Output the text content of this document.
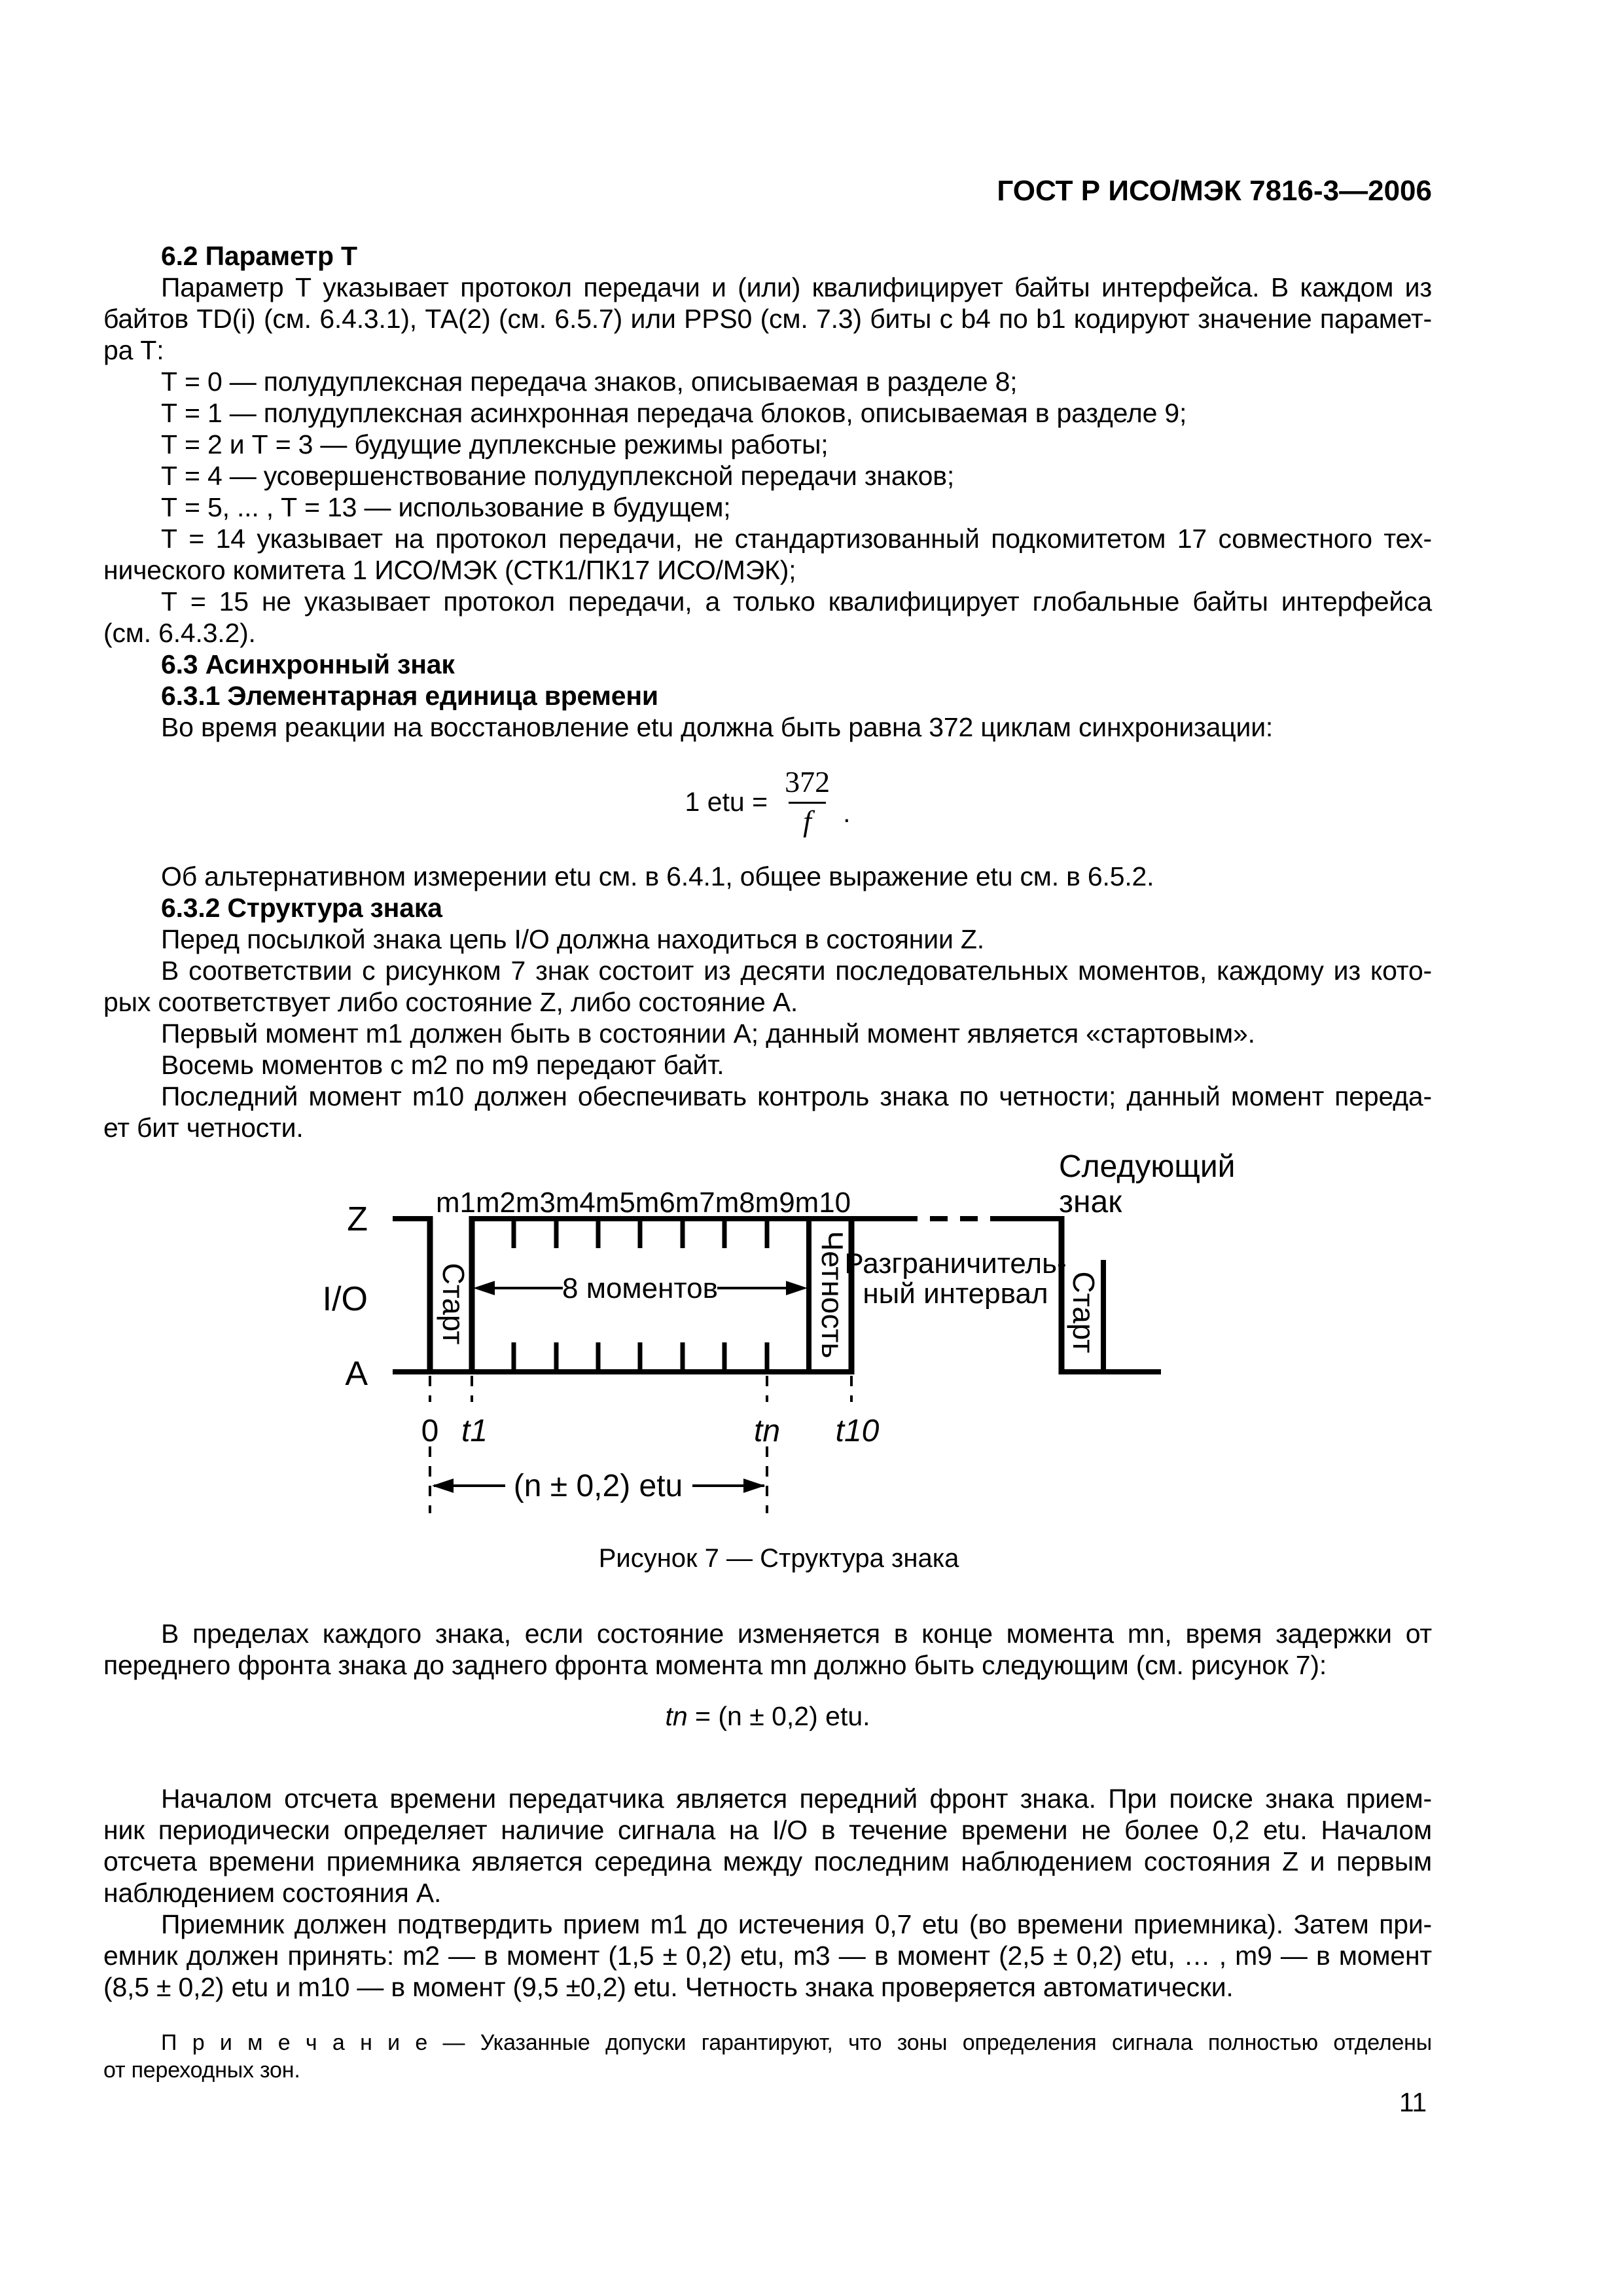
ГОСТ Р ИСО/МЭК 7816-3—2006
6.2 Параметр Т
Параметр Т указывает протокол передачи и (или) квалифицирует байты интерфейса. В каждом из
байтов TD(i) (см. 6.4.3.1), ТА(2) (см. 6.5.7) или PPS0 (см. 7.3) биты с b4 по b1 кодируют значение парамет-
ра Т:
Т = 0 — полудуплексная передача знаков, описываемая в разделе 8;
Т = 1 — полудуплексная асинхронная передача блоков, описываемая в разделе 9;
Т = 2 и Т = 3 — будущие дуплексные режимы работы;
Т = 4 — усовершенствование полудуплексной передачи знаков;
Т = 5, ... , Т = 13 — использование в будущем;
Т = 14 указывает на протокол передачи, не стандартизованный подкомитетом 17 совместного тех-
нического комитета 1 ИСО/МЭК (СТК1/ПК17 ИСО/МЭК);
Т = 15 не указывает протокол передачи, а только квалифицирует глобальные байты интерфейса
(см. 6.4.3.2).
6.3 Асинхронный знак
6.3.1 Элементарная единица времени
Во время реакции на восстановление etu должна быть равна 372 циклам синхронизации:
Об альтернативном измерении etu см. в 6.4.1, общее выражение etu см. в 6.5.2.
6.3.2 Структура знака
Перед посылкой знака цепь I/O должна находиться в состоянии Z.
В соответствии с рисунком 7 знак состоит из десяти последовательных моментов, каждому из кото-
рых соответствует либо состояние Z, либо состояние А.
Первый момент m1 должен быть в состоянии А; данный момент является «стартовым».
Восемь моментов с m2 по m9 передают байт.
Последний момент m10 должен обеспечивать контроль знака по четности; данный момент переда-
ет бит четности.
В пределах каждого знака, если состояние изменяется в конце момента mn, время задержки от
переднего фронта знака до заднего фронта момента mn должно быть следующим (см. рисунок 7):
Началом отсчета времени передатчика является передний фронт знака. При поиске знака прием-
ник периодически определяет наличие сигнала на I/O в течение времени не более 0,2 etu. Началом
отсчета времени приемника является середина между последним наблюдением состояния Z и первым
наблюдением состояния А.
Приемник должен подтвердить прием m1 до истечения 0,7 etu (во времени приемника). Затем при-
емник должен принять: m2 — в момент (1,5 ± 0,2) etu, m3 — в момент (2,5 ± 0,2) etu, … , m9 — в момент
(8,5 ± 0,2) etu и m10 — в момент (9,5 ±0,2) etu. Четность знака проверяется автоматически.
П р и м е ч а н и е — Указанные допуски гарантируют, что зоны определения сигнала полностью отделены
от переходных зон.
11
1 etu = $\frac{372}{f}$ .
tn = (n ± 0,2) etu.
Z
I/O
A
m1m2m3m4m5m6m7m8m9m10
Старт	8 моментов	Четность
Разграничитель-
ный интервал
Следующий
знак
Старт
0 t1	tn t10
(n ± 0,2) etu
Рисунок 7 — Структура знака
